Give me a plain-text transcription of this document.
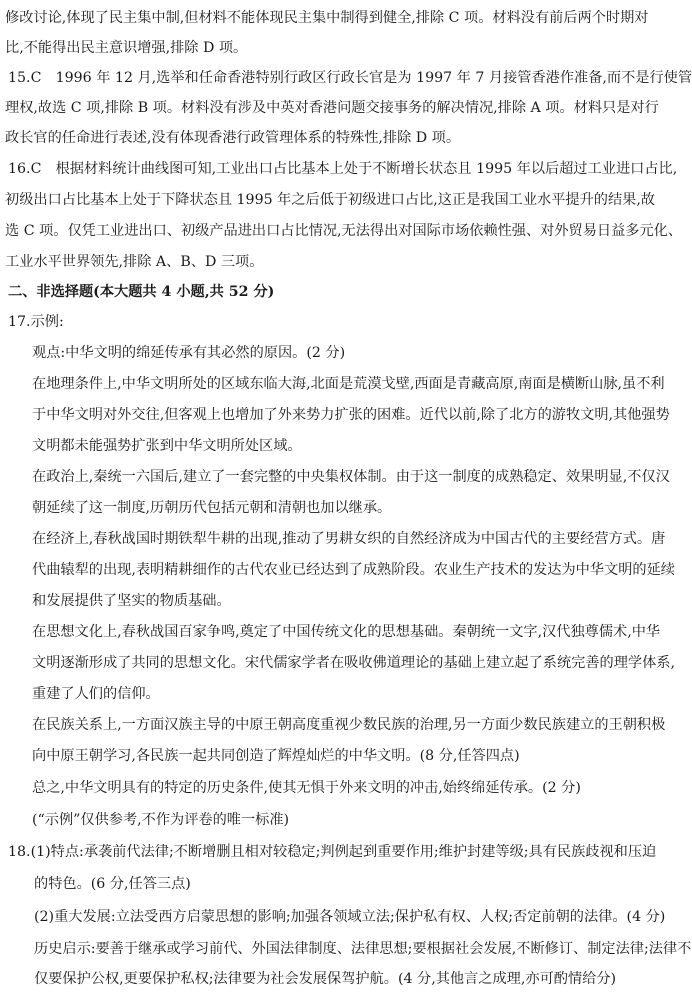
修改讨论,体现了民主集中制,但材料不能体现民主集中制得到健全,排除 C 项。材料没有前后两个时期对
比,不能得出民主意识增强,排除 D 项。
15.C　1996 年 12 月,选举和任命香港特别行政区行政长官是为 1997 年 7 月接管香港作准备,而不是行使管
理权,故选 C 项,排除 B 项。材料没有涉及中英对香港问题交接事务的解决情况,排除 A 项。材料只是对行
政长官的任命进行表述,没有体现香港行政管理体系的特殊性,排除 D 项。
16.C　根据材料统计曲线图可知,工业出口占比基本上处于不断增长状态且 1995 年以后超过工业进口占比,
初级出口占比基本上处于下降状态且 1995 年之后低于初级进口占比,这正是我国工业水平提升的结果,故
选 C 项。仅凭工业进出口、初级产品进出口占比情况,无法得出对国际市场依赖性强、对外贸易日益多元化、
工业水平世界领先,排除 A、B、D 三项。
二、非选择题(本大题共 4 小题,共 52 分)
17.示例:
观点:中华文明的绵延传承有其必然的原因。(2 分)
在地理条件上,中华文明所处的区域东临大海,北面是荒漠戈壁,西面是青藏高原,南面是横断山脉,虽不利
于中华文明对外交往,但客观上也增加了外来势力扩张的困难。近代以前,除了北方的游牧文明,其他强势
文明都未能强势扩张到中华文明所处区域。
在政治上,秦统一六国后,建立了一套完整的中央集权体制。由于这一制度的成熟稳定、效果明显,不仅汉
朝延续了这一制度,历朝历代包括元朝和清朝也加以继承。
在经济上,春秋战国时期铁犁牛耕的出现,推动了男耕女织的自然经济成为中国古代的主要经营方式。唐
代曲辕犁的出现,表明精耕细作的古代农业已经达到了成熟阶段。农业生产技术的发达为中华文明的延续
和发展提供了坚实的物质基础。
在思想文化上,春秋战国百家争鸣,奠定了中国传统文化的思想基础。秦朝统一文字,汉代独尊儒术,中华
文明逐渐形成了共同的思想文化。宋代儒家学者在吸收佛道理论的基础上建立起了系统完善的理学体系,
重建了人们的信仰。
在民族关系上,一方面汉族主导的中原王朝高度重视少数民族的治理,另一方面少数民族建立的王朝积极
向中原王朝学习,各民族一起共同创造了辉煌灿烂的中华文明。(8 分,任答四点)
总之,中华文明具有的特定的历史条件,使其无惧于外来文明的冲击,始终绵延传承。(2 分)
(“示例”仅供参考,不作为评卷的唯一标准)
18.(1)特点:承袭前代法律;不断增删且相对较稳定;判例起到重要作用;维护封建等级;具有民族歧视和压迫
的特色。(6 分,任答三点)
(2)重大发展:立法受西方启蒙思想的影响;加强各领域立法;保护私有权、人权;否定前朝的法律。(4 分)
历史启示:要善于继承或学习前代、外国法律制度、法律思想;要根据社会发展,不断修订、制定法律;法律不
仅要保护公权,更要保护私权;法律要为社会发展保驾护航。(4 分,其他言之成理,亦可酌情给分)
